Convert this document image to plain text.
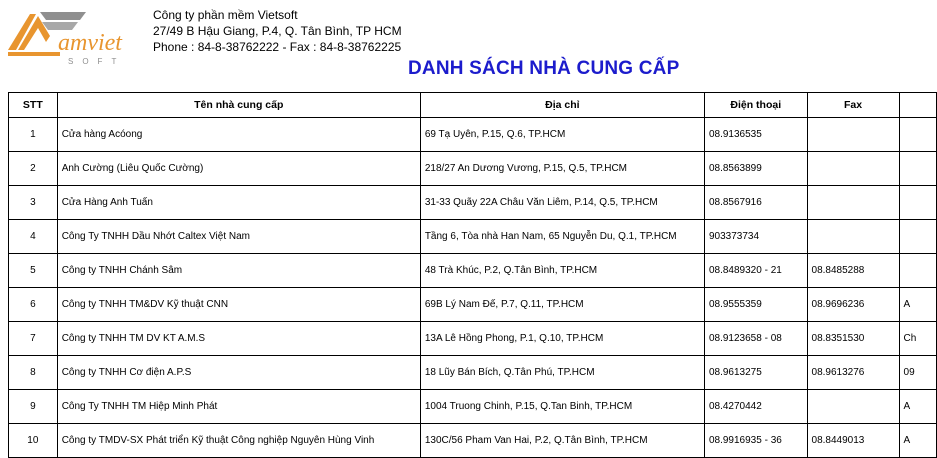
amviet
SOFT
Công ty phần mềm Vietsoft
27/49 B Hậu Giang, P.4, Q. Tân Bình, TP HCM
Phone : 84-8-38762222 - Fax : 84-8-38762225
DANH SÁCH NHÀ CUNG CẤP
STT	Tên nhà cung cấp	Địa chỉ	Điện thoại	Fax	
1	Cửa hàng Acóong	69 Tạ Uyên, P.15, Q.6, TP.HCM	08.9136535		
2	Anh Cường (Liêu Quốc Cường)	218/27 An Dương Vương, P.15, Q.5, TP.HCM	08.8563899		
3	Cửa Hàng Anh Tuấn	31-33 Quãy 22A Châu Văn Liêm, P.14, Q.5, TP.HCM	08.8567916		
4	Công Ty TNHH Dầu Nhớt Caltex Việt Nam	Tầng 6, Tòa nhà Han Nam, 65 Nguyễn Du, Q.1, TP.HCM	903373734		
5	Công ty TNHH Chánh Sâm	48 Trà Khúc, P.2, Q.Tân Bình, TP.HCM	08.8489320 - 21	08.8485288	
6	Công ty TNHH TM&DV Kỹ thuật CNN	69B Lý Nam Đế, P.7, Q.11, TP.HCM	08.9555359	08.9696236	A
7	Công ty TNHH TM DV KT A.M.S	13A Lê Hồng Phong, P.1, Q.10, TP.HCM	08.9123658 - 08	08.8351530	Ch
8	Công ty TNHH Cơ điện A.P.S	18 Lũy Bán Bích, Q.Tân Phú, TP.HCM	08.9613275	08.9613276	09
9	Công Ty TNHH TM Hiệp Minh Phát	1004 Truong Chinh, P.15, Q.Tan Binh, TP.HCM	08.4270442		A
10	Công ty TMDV-SX Phát triển Kỹ thuật Công nghiệp Nguyên Hùng Vinh	130C/56 Pham Van Hai, P.2, Q.Tân Bình, TP.HCM	08.9916935 - 36	08.8449013	A
